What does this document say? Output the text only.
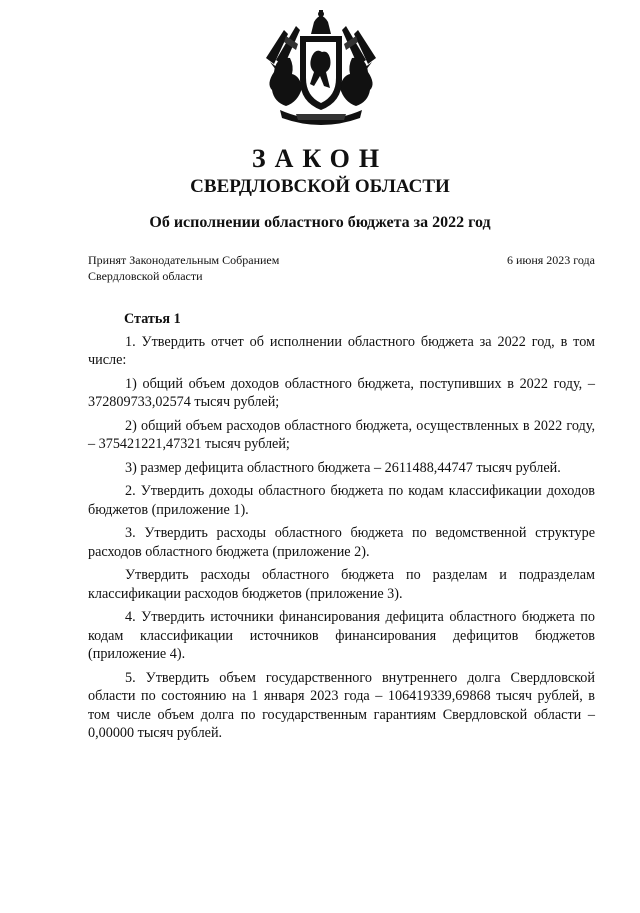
ЗАКОН
СВЕРДЛОВСКОЙ ОБЛАСТИ
Об исполнении областного бюджета за 2022 год
Принят Законодательным Собранием
Свердловской области
6 июня 2023 года
Статья 1

1. Утвердить отчет об исполнении областного бюджета за 2022 год, в том числе:

1) общий объем доходов областного бюджета, поступивших в 2022 году, – 372809733,02574 тысяч рублей;

2) общий объем расходов областного бюджета, осуществленных в 2022 году, – 375421221,47321 тысяч рублей;

3) размер дефицита областного бюджета – 2611488,44747 тысяч рублей.

2. Утвердить доходы областного бюджета по кодам классификации доходов бюджетов (приложение 1).

3. Утвердить расходы областного бюджета по ведомственной структуре расходов областного бюджета (приложение 2).

Утвердить расходы областного бюджета по разделам и подразделам классификации расходов бюджетов (приложение 3).

4. Утвердить источники финансирования дефицита областного бюджета по кодам классификации источников финансирования дефицитов бюджетов (приложение 4).

5. Утвердить объем государственного внутреннего долга Свердловской области по состоянию на 1 января 2023 года – 106419339,69868 тысяч рублей, в том числе объем долга по государственным гарантиям Свердловской области – 0,00000 тысяч рублей.
